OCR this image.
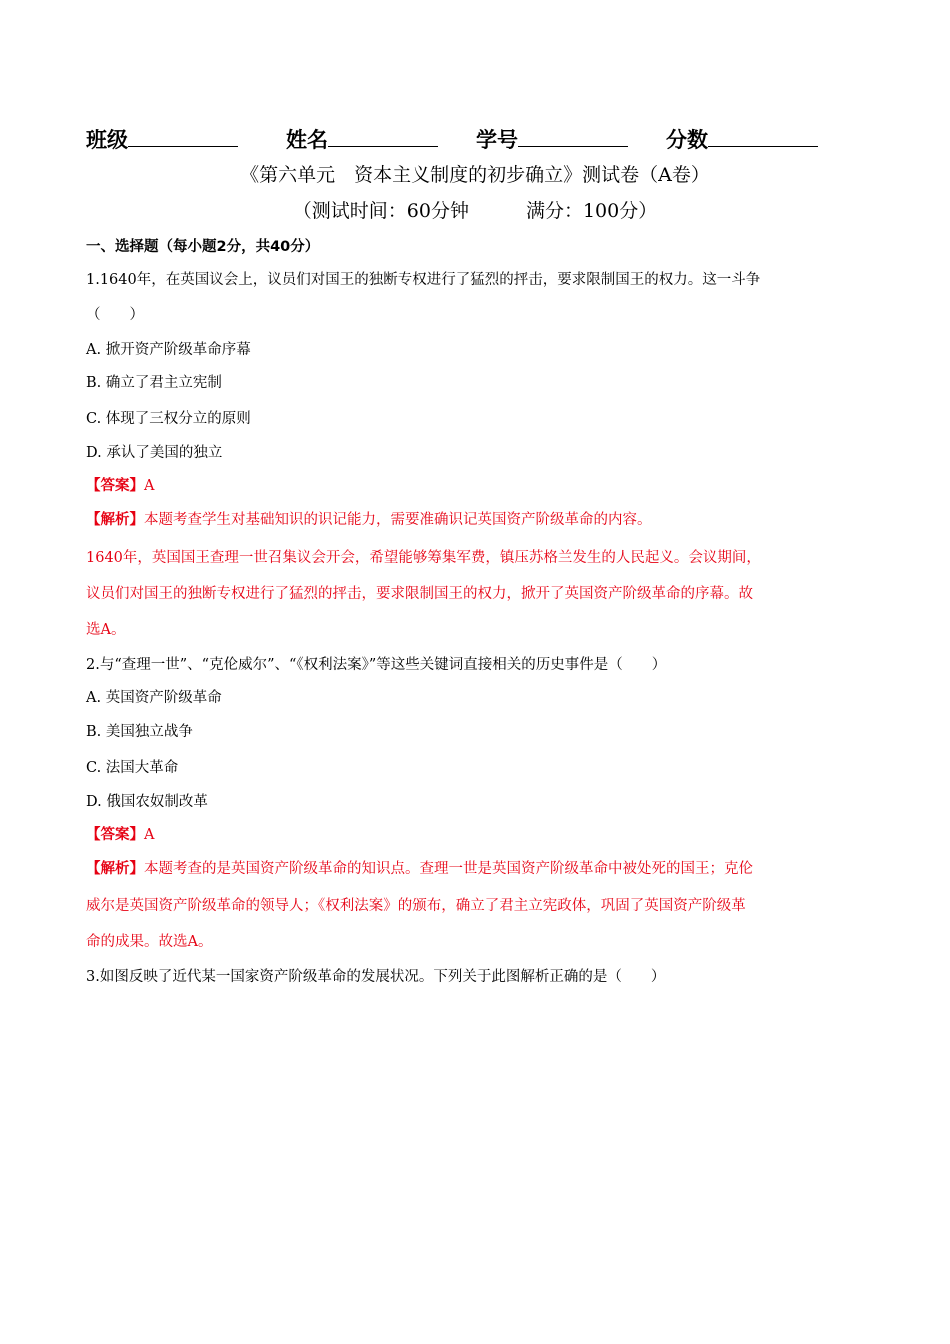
班级	姓名	学号	分数
《第六单元　资本主义制度的初步确立》测试卷（A卷）
（测试时间：60分钟　　　满分：100分）
一、选择题（每小题2分，共40分）
1.1640年，在英国议会上，议员们对国王的独断专权进行了猛烈的抨击，要求限制国王的权力。这一斗争
（　　）
A. 掀开资产阶级革命序幕
B. 确立了君主立宪制
C. 体现了三权分立的原则
D. 承认了美国的独立
【答案】A
【解析】本题考查学生对基础知识的识记能力，需要准确识记英国资产阶级革命的内容。
1640年，英国国王查理一世召集议会开会，希望能够筹集军费，镇压苏格兰发生的人民起义。会议期间，
议员们对国王的独断专权进行了猛烈的抨击，要求限制国王的权力，掀开了英国资产阶级革命的序幕。故
选A。
2.与“查理一世”、“克伦威尔”、“《权利法案》”等这些关键词直接相关的历史事件是（　　）
A. 英国资产阶级革命
B. 美国独立战争
C. 法国大革命
D. 俄国农奴制改革
【答案】A
【解析】本题考查的是英国资产阶级革命的知识点。查理一世是英国资产阶级革命中被处死的国王；克伦
威尔是英国资产阶级革命的领导人；《权利法案》的颁布，确立了君主立宪政体，巩固了英国资产阶级革
命的成果。故选A。
3.如图反映了近代某一国家资产阶级革命的发展状况。下列关于此图解析正确的是（　　）
